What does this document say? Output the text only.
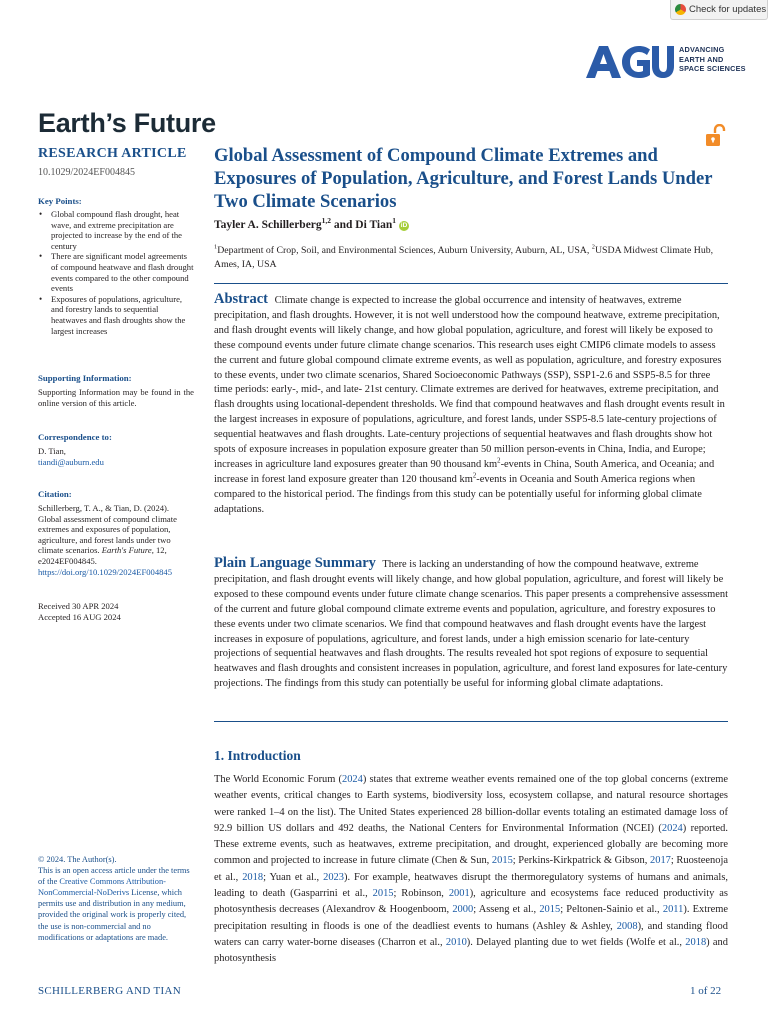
Check for updates
ADVANCING
EARTH AND
SPACE SCIENCES
Earth’s Future
RESEARCH ARTICLE
10.1029/2024EF004845
Key Points:
• Global compound flash drought, heat wave, and extreme precipitation are projected to increase by the end of the century
• There are significant model agreements of compound heatwave and flash drought events compared to the other compound events
• Exposures of populations, agriculture, and forestry lands to sequential heatwaves and flash droughts show the largest increases
Supporting Information:
Supporting Information may be found in the online version of this article.
Correspondence to:
D. Tian,
tiandi@auburn.edu
Citation:
Schillerberg, T. A., & Tian, D. (2024). Global assessment of compound climate extremes and exposures of population, agriculture, and forest lands under two climate scenarios. Earth's Future, 12, e2024EF004845. https://doi.org/10.1029/2024EF004845
Received 30 APR 2024
Accepted 16 AUG 2024
© 2024. The Author(s).
This is an open access article under the terms of the Creative Commons Attribution-NonCommercial-NoDerivs License, which permits use and distribution in any medium, provided the original work is properly cited, the use is non-commercial and no modifications or adaptations are made.
Global Assessment of Compound Climate Extremes and Exposures of Population, Agriculture, and Forest Lands Under Two Climate Scenarios
Tayler A. Schillerberg$^{1,2}$ and Di Tian$^1$iD
$^1$Department of Crop, Soil, and Environmental Sciences, Auburn University, Auburn, AL, USA, $^2$USDA Midwest Climate Hub, Ames, IA, USA
Abstract Climate change is expected to increase the global occurrence and intensity of heatwaves, extreme precipitation, and flash droughts. However, it is not well understood how the compound heatwave, extreme precipitation, and flash drought events will likely change, and how global population, agriculture, and forest will likely be exposed to these compound events under future climate change scenarios. This research uses eight CMIP6 climate models to assess the current and future global compound climate extreme events, as well as population, agriculture, and forestry exposures to these events, under two climate scenarios, Shared Socioeconomic Pathways (SSP), SSP1-2.6 and SSP5-8.5 for three time periods: early-, mid-, and late- 21st century. Climate extremes are derived for heatwaves, extreme precipitation, and flash droughts using locational-dependent thresholds. We find that compound heatwaves and flash drought events result in the largest increases in exposure of populations, agriculture, and forest lands, under SSP5-8.5 late-century projections of sequential heatwaves and flash droughts. Late-century projections of sequential heatwaves and flash droughts show hot spots of exposure increases in population exposure greater than 50 million person-events in China, India, and Europe; increases in agriculture land exposures greater than 90 thousand $km^2$-events in China, South America, and Oceania; and increase in forest land exposure greater than 120 thousand $km^2$-events in Oceania and South America regions when compared to the historical period. The findings from this study can be potentially useful for informing global climate adaptations.
Plain Language Summary There is lacking an understanding of how the compound heatwave, extreme precipitation, and flash drought events will likely change, and how global population, agriculture, and forest will likely be exposed to these compound events under future climate change scenarios. This paper presents a comprehensive assessment of the current and future global compound climate extreme events and population, agriculture, and forestry exposures to these events under two climate scenarios. We find that compound heatwaves and flash drought events have the largest increases in exposure of populations, agriculture, and forest lands, under a high emission scenario for late-century projections of sequential heatwaves and flash droughts. The results revealed hot spot regions of exposure to sequential heatwaves and flash droughts and consistent increases in population, agriculture, and forest land exposures for late-century projections. The findings from this study can potentially be useful for informing global climate adaptations.
1. Introduction
The World Economic Forum (2024) states that extreme weather events remained one of the top global concerns (extreme weather events, critical changes to Earth systems, biodiversity loss, ecosystem collapse, and natural resource shortages were ranked 1–4 on the list). The United States experienced 28 billion-dollar events totaling an estimated damage loss of 92.9 billion US dollars and 492 deaths, the National Centers for Environmental Information (NCEI) (2024) reported. These extreme events, such as heatwaves, extreme precipitation, and drought, experienced globally are becoming more common and projected to increase in future climate (Chen & Sun, 2015; Perkins-Kirkpatrick & Gibson, 2017; Ruosteenoja et al., 2018; Yuan et al., 2023). For example, heatwaves disrupt the thermoregulatory systems of humans and animals, leading to death (Gasparrini et al., 2015; Robinson, 2001), agriculture and ecosystems face reduced productivity as photosynthesis decreases (Alexandrov & Hoogenboom, 2000; Asseng et al., 2015; Peltonen-Sainio et al., 2011). Extreme precipitation resulting in floods is one of the deadliest events to humans (Ashley & Ashley, 2008), and standing flood waters can carry water-borne diseases (Charron et al., 2010). Delayed planting due to wet fields (Wolfe et al., 2018) and photosynthesis
SCHILLERBERG AND TIAN	1 of 22
